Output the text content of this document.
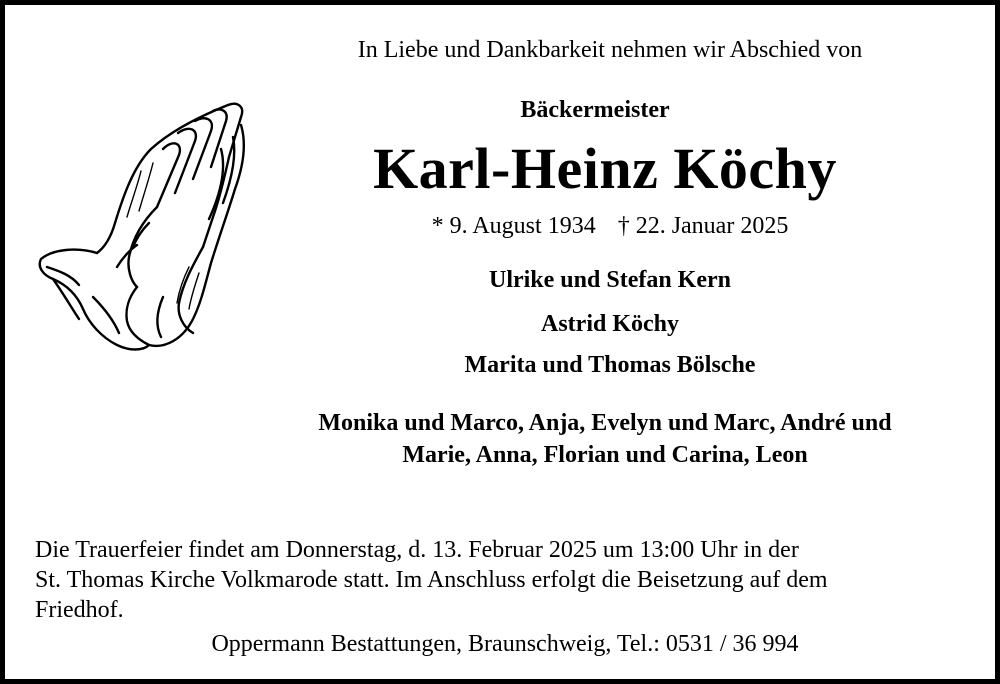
In Liebe und Dankbarkeit nehmen wir Abschied von
Bäckermeister
Karl-Heinz Köchy
* 9. August 1934 † 22. Januar 2025
Ulrike und Stefan Kern
Astrid Köchy
Marita und Thomas Bölsche
Monika und Marco, Anja, Evelyn und Marc, André und
Marie, Anna, Florian und Carina, Leon
Die Trauerfeier findet am Donnerstag, d. 13. Februar 2025 um 13:00 Uhr in der
St. Thomas Kirche Volkmarode statt. Im Anschluss erfolgt die Beisetzung auf dem
Friedhof.
Oppermann Bestattungen, Braunschweig, Tel.: 0531 / 36 994
